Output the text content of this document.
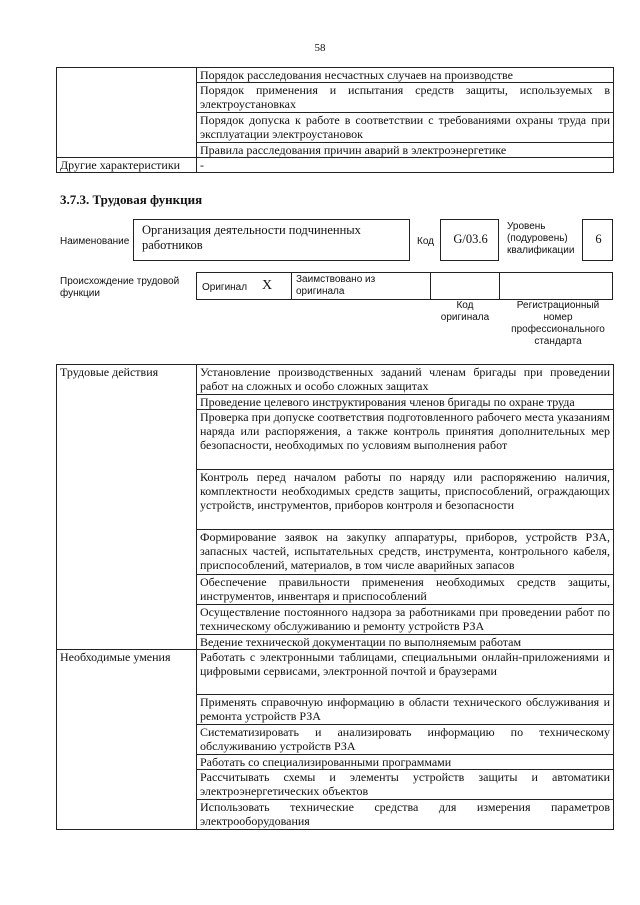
58
	Порядок расследования несчастных случаев на производстве
	Порядок применения и испытания средств защиты, используемых в электроустановках
	Порядок допуска к работе в соответствии с требованиями охраны труда при эксплуатации электроустановок
	Правила расследования причин аварий в электроэнергетике
Другие характеристики	-
3.7.3. Трудовая функция
Наименование
Организация деятельности подчиненных работников	Код	G/03.6
Уровень (подуровень) квалификации
6
Происхождение трудовой функции
Оригинал X Заимствовано из оригинала
Код оригинала
Регистрационный номер профессионального стандарта
Трудовые действия	Установление производственных заданий членам бригады при проведении работ на сложных и особо сложных защитах
	Проведение целевого инструктирования членов бригады по охране труда
	Проверка при допуске соответствия подготовленного рабочего места указаниям наряда или распоряжения, а также контроль принятия дополнительных мер безопасности, необходимых по условиям выполнения работ
	Контроль перед началом работы по наряду или распоряжению наличия, комплектности необходимых средств защиты, приспособлений, ограждающих устройств, инструментов, приборов контроля и безопасности
	Формирование заявок на закупку аппаратуры, приборов, устройств РЗА, запасных частей, испытательных средств, инструмента, контрольного кабеля, приспособлений, материалов, в том числе аварийных запасов
	Обеспечение правильности применения необходимых средств защиты, инструментов, инвентаря и приспособлений
	Осуществление постоянного надзора за работниками при проведении работ по техническому обслуживанию и ремонту устройств РЗА
	Ведение технической документации по выполняемым работам
Необходимые умения	Работать с электронными таблицами, специальными онлайн-приложениями и цифровыми сервисами, электронной почтой и браузерами
	Применять справочную информацию в области технического обслуживания и ремонта устройств РЗА
	Систематизировать и анализировать информацию по техническому обслуживанию устройств РЗА
	Работать со специализированными программами
	Рассчитывать схемы и элементы устройств защиты и автоматики электроэнергетических объектов
	Использовать технические средства для измерения параметров электрооборудования
